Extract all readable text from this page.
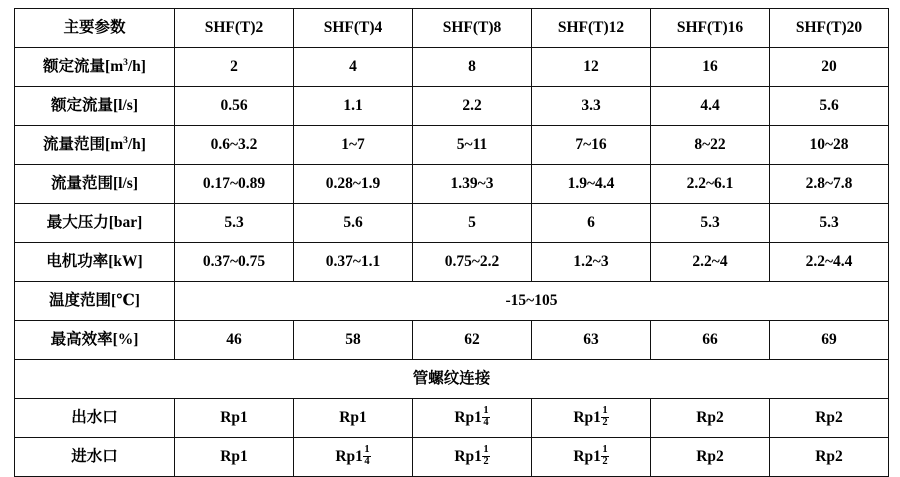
主要参数	SHF(T)2	SHF(T)4	SHF(T)8	SHF(T)12	SHF(T)16	SHF(T)20
额定流量$[m^3/h]$	2	4	8	12	16	20
额定流量[l/s]	0.56	1.1	2.2	3.3	4.4	5.6
流量范围$[m^3/h]$	0.6~3.2	1~7	5~11	7~16	8~22	10~28
流量范围[l/s]	0.17~0.89	0.28~1.9	1.39~3	1.9~4.4	2.2~6.1	2.8~7.8
最大压力[bar]	5.3	5.6	5	6	5.3	5.3
电机功率[kW]	0.37~0.75	0.37~1.1	0.75~2.2	1.2~3	2.2~4	2.2~4.4
温度范围[℃]	-15~105					
最高效率[%]	46	58	62	63	66	69
管螺纹连接						
出水口	Rp1	Rp1	$Rp1 \frac{1}{4}$	$Rp1 \frac{1}{2}$	Rp2	Rp2
进水口	Rp1	$Rp1 \frac{1}{4}$	$Rp1 \frac{1}{2}$	$Rp1 \frac{1}{2}$	Rp2	Rp2
